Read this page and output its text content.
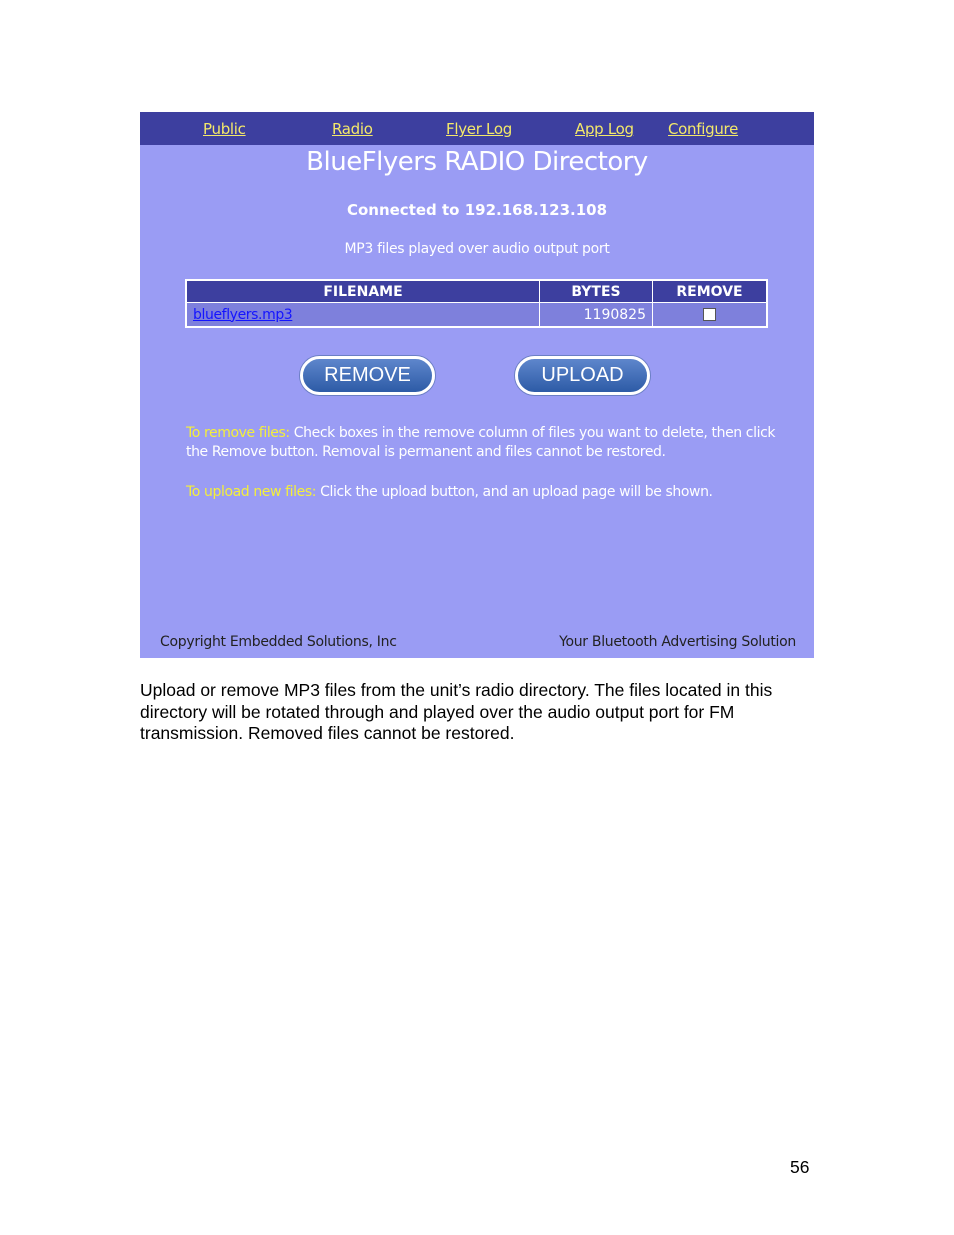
Public	Radio	Flyer Log	App Log Configure
BlueFlyers RADIO Directory
Connected to 192.168.123.108
MP3 files played over audio output port
FILENAME	BYTES	REMOVE
blueflyers.mp3	1190825	
REMOVE	UPLOAD
To remove files: Check boxes in the remove column of files you want to delete, then click the Remove button. Removal is permanent and files cannot be restored.
To upload new files: Click the upload button, and an upload page will be shown.
Copyright Embedded Solutions, Inc	Your Bluetooth Advertising Solution
Upload or remove MP3 files from the unit’s radio directory. The files located in this directory will be rotated through and played over the audio output port for FM transmission. Removed files cannot be restored.
56
